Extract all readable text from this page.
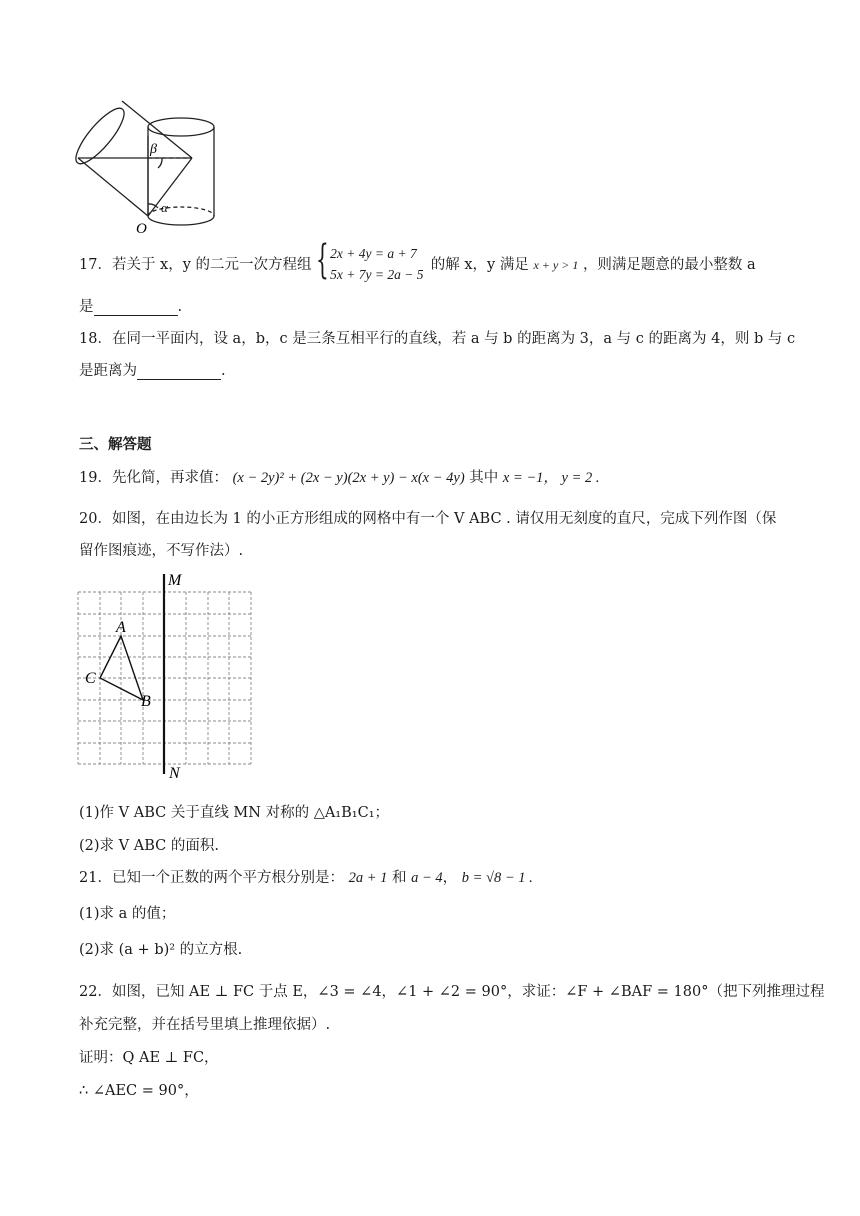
β
α
O
17．若关于 x，y 的二元一次方程组 { 2x + 4y = a + 7
5x + 7y = 2a − 5
的解 x，y 满足 x + y > 1 ，则满足题意的最小整数 a
是	.
18．在同一平面内，设 a，b，c 是三条互相平行的直线，若 a 与 b 的距离为 3，a 与 c 的距离为 4，则 b 与 c
是距离为	.
三、解答题
19．先化简，再求值： (x − 2y)² + (2x − y)(2x + y) − x(x − 4y) 其中 x = −1， y = 2 .
20．如图，在由边长为 1 的小正方形组成的网格中有一个 V ABC . 请仅用无刻度的直尺，完成下列作图（保
留作图痕迹，不写作法）.
M
N
A
C
B
(1)作 V ABC 关于直线 MN 对称的 △A₁B₁C₁；
(2)求 V ABC 的面积.
21．已知一个正数的两个平方根分别是： 2a + 1 和 a − 4， b = √8 − 1 .
(1)求 a 的值；
(2)求 (a + b)² 的立方根.
22．如图，已知 AE ⊥ FC 于点 E，∠3 = ∠4，∠1 + ∠2 = 90°，求证：∠F + ∠BAF = 180°（把下列推理过程
补充完整，并在括号里填上推理依据）.
证明：Q AE ⊥ FC，
∴ ∠AEC = 90°，
